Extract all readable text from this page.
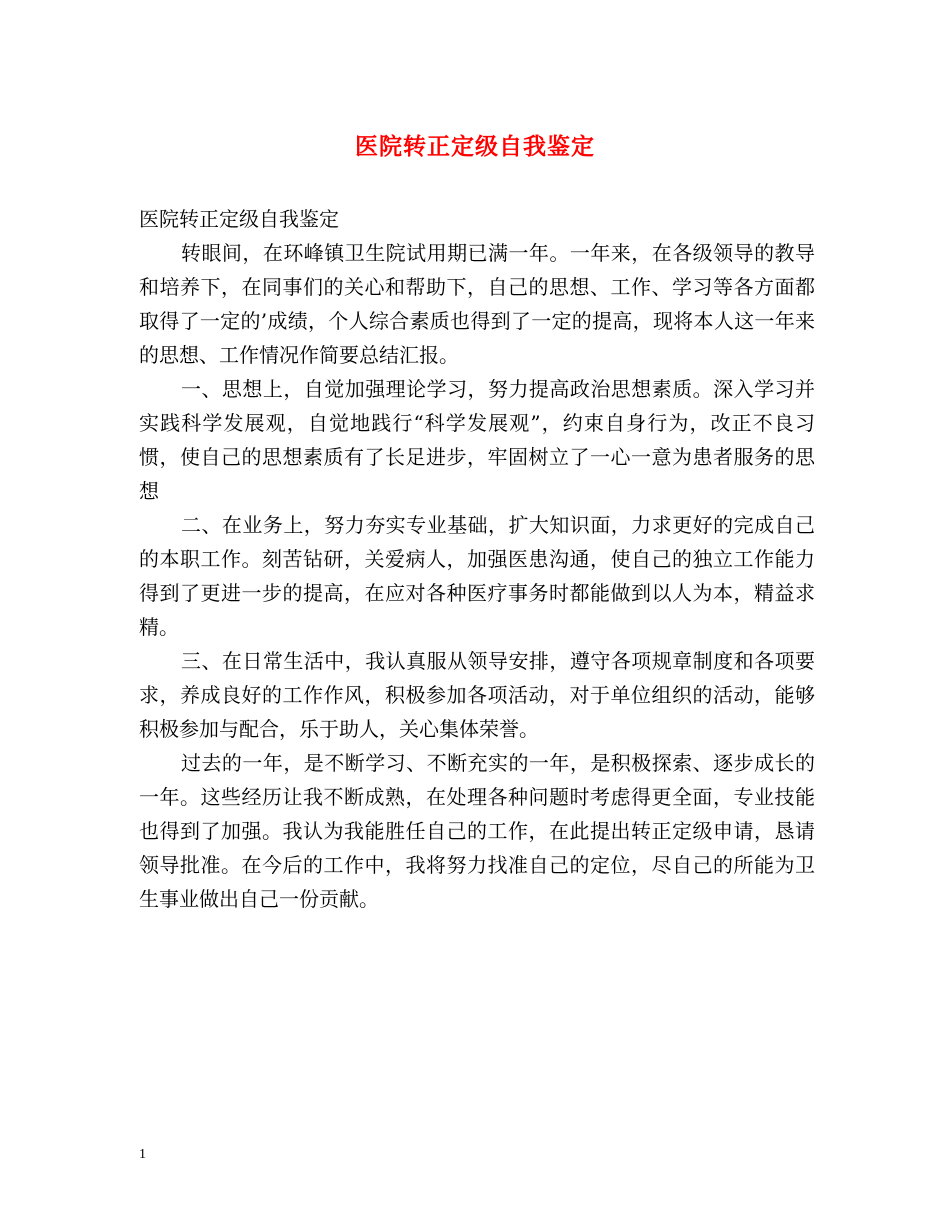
医院转正定级自我鉴定

医院转正定级自我鉴定

转眼间，在环峰镇卫生院试用期已满一年。一年来，在各级领导的教导和培养下，在同事们的关心和帮助下，自己的思想、工作、学习等各方面都取得了一定的’成绩，个人综合素质也得到了一定的提高，现将本人这一年来的思想、工作情况作简要总结汇报。

一、思想上，自觉加强理论学习，努力提高政治思想素质。深入学习并实践科学发展观，自觉地践行“科学发展观”，约束自身行为，改正不良习惯，使自己的思想素质有了长足进步，牢固树立了一心一意为患者服务的思想

二、在业务上，努力夯实专业基础，扩大知识面，力求更好的完成自己的本职工作。刻苦钻研，关爱病人，加强医患沟通，使自己的独立工作能力得到了更进一步的提高，在应对各种医疗事务时都能做到以人为本，精益求精。

三、在日常生活中，我认真服从领导安排，遵守各项规章制度和各项要求，养成良好的工作作风，积极参加各项活动，对于单位组织的活动，能够积极参加与配合，乐于助人，关心集体荣誉。

过去的一年，是不断学习、不断充实的一年，是积极探索、逐步成长的一年。这些经历让我不断成熟，在处理各种问题时考虑得更全面，专业技能也得到了加强。我认为我能胜任自己的工作，在此提出转正定级申请，恳请领导批准。在今后的工作中，我将努力找准自己的定位，尽自己的所能为卫生事业做出自己一份贡献。

1
